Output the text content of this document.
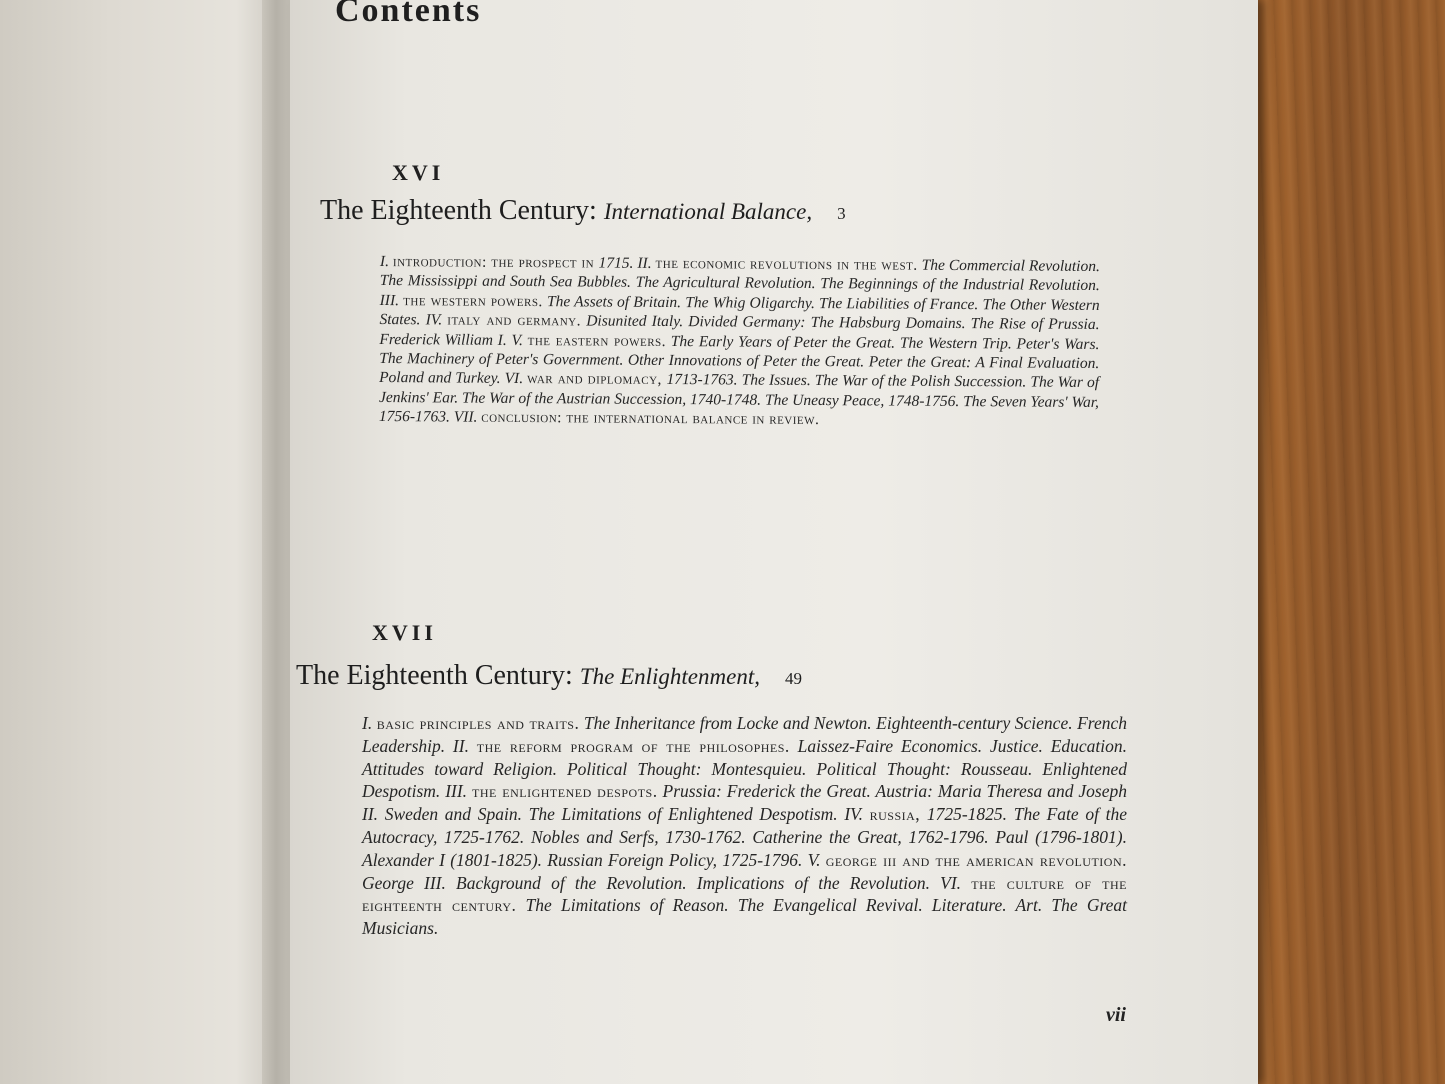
Contents
XVI
The Eighteenth Century: International Balance, 3

I. introduction: the prospect in 1715. II. the economic revolutions in the west. The Commercial Revolution. The Mississippi and South Sea Bubbles. The Agricultural Revolution. The Beginnings of the Industrial Revolution. III. the western powers. The Assets of Britain. The Whig Oligarchy. The Liabilities of France. The Other Western States. IV. italy and germany. Disunited Italy. Divided Germany: The Habsburg Domains. The Rise of Prussia. Frederick William I. V. the eastern powers. The Early Years of Peter the Great. The Western Trip. Peter's Wars. The Machinery of Peter's Government. Other Innovations of Peter the Great. Peter the Great: A Final Evaluation. Poland and Turkey. VI. war and diplomacy, 1713-1763. The Issues. The War of the Polish Succession. The War of Jenkins' Ear. The War of the Austrian Succession, 1740-1748. The Uneasy Peace, 1748-1756. The Seven Years' War, 1756-1763. VII. conclusion: the international balance in review.

XVII
The Eighteenth Century: The Enlightenment, 49

I. basic principles and traits. The Inheritance from Locke and Newton. Eighteenth-century Science. French Leadership. II. the reform program of the philosophes. Laissez-Faire Economics. Justice. Education. Attitudes toward Religion. Political Thought: Montesquieu. Political Thought: Rousseau. Enlightened Despotism. III. the enlightened despots. Prussia: Frederick the Great. Austria: Maria Theresa and Joseph II. Sweden and Spain. The Limitations of Enlightened Despotism. IV. russia, 1725-1825. The Fate of the Autocracy, 1725-1762. Nobles and Serfs, 1730-1762. Catherine the Great, 1762-1796. Paul (1796-1801). Alexander I (1801-1825). Russian Foreign Policy, 1725-1796. V. george iii and the american revolution. George III. Background of the Revolution. Implications of the Revolution. VI. the culture of the eighteenth century. The Limitations of Reason. The Evangelical Revival. Literature. Art. The Great Musicians.

vii
